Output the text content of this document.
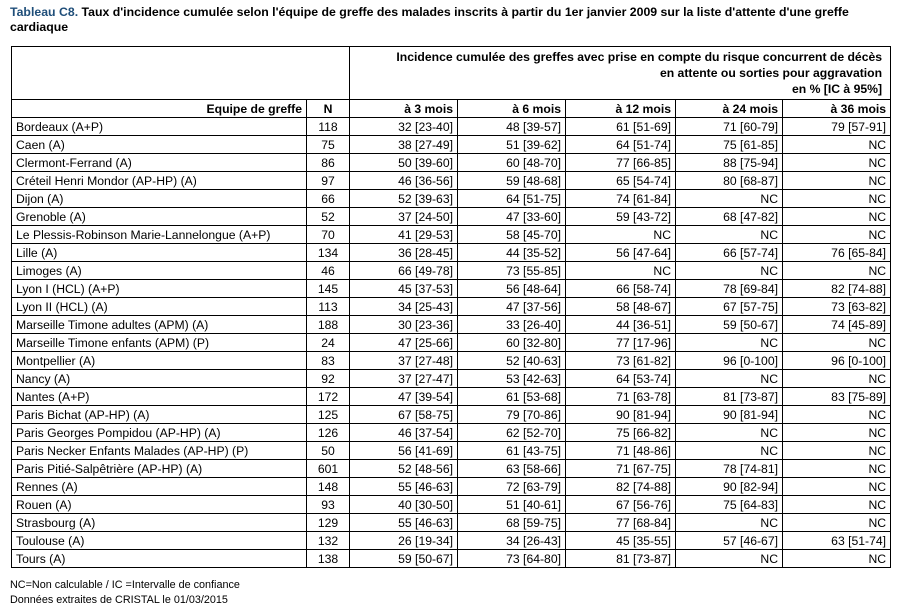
Tableau C8. Taux d'incidence cumulée selon l'équipe de greffe des malades inscrits à partir du 1er janvier 2009 sur la liste d'attente d'une greffe cardiaque

		Incidence cumulée des greffes avec prise en compte du risque concurrent de décès
en attente ou sorties pour aggravation
en % [IC à 95%]				

Equipe de greffe	N	à 3 mois	à 6 mois	à 12 mois	à 24 mois	à 36 mois
Bordeaux (A+P)	118	32 [23-40]	48 [39-57]	61 [51-69]	71 [60-79]	79 [57-91]
Caen (A)	75	38 [27-49]	51 [39-62]	64 [51-74]	75 [61-85]	NC
Clermont-Ferrand (A)	86	50 [39-60]	60 [48-70]	77 [66-85]	88 [75-94]	NC
Créteil Henri Mondor (AP-HP) (A)	97	46 [36-56]	59 [48-68]	65 [54-74]	80 [68-87]	NC
Dijon (A)	66	52 [39-63]	64 [51-75]	74 [61-84]	NC	NC
Grenoble (A)	52	37 [24-50]	47 [33-60]	59 [43-72]	68 [47-82]	NC
Le Plessis-Robinson Marie-Lannelongue (A+P)	70	41 [29-53]	58 [45-70]	NC	NC	NC
Lille (A)	134	36 [28-45]	44 [35-52]	56 [47-64]	66 [57-74]	76 [65-84]
Limoges (A)	46	66 [49-78]	73 [55-85]	NC	NC	NC
Lyon I (HCL) (A+P)	145	45 [37-53]	56 [48-64]	66 [58-74]	78 [69-84]	82 [74-88]
Lyon II (HCL) (A)	113	34 [25-43]	47 [37-56]	58 [48-67]	67 [57-75]	73 [63-82]
Marseille Timone adultes (APM) (A)	188	30 [23-36]	33 [26-40]	44 [36-51]	59 [50-67]	74 [45-89]
Marseille Timone enfants (APM) (P)	24	47 [25-66]	60 [32-80]	77 [17-96]	NC	NC
Montpellier (A)	83	37 [27-48]	52 [40-63]	73 [61-82]	96 [0-100]	96 [0-100]
Nancy (A)	92	37 [27-47]	53 [42-63]	64 [53-74]	NC	NC
Nantes (A+P)	172	47 [39-54]	61 [53-68]	71 [63-78]	81 [73-87]	83 [75-89]
Paris Bichat (AP-HP) (A)	125	67 [58-75]	79 [70-86]	90 [81-94]	90 [81-94]	NC
Paris Georges Pompidou (AP-HP) (A)	126	46 [37-54]	62 [52-70]	75 [66-82]	NC	NC
Paris Necker Enfants Malades (AP-HP) (P)	50	56 [41-69]	61 [43-75]	71 [48-86]	NC	NC
Paris Pitié-Salpêtrière (AP-HP) (A)	601	52 [48-56]	63 [58-66]	71 [67-75]	78 [74-81]	NC
Rennes (A)	148	55 [46-63]	72 [63-79]	82 [74-88]	90 [82-94]	NC
Rouen (A)	93	40 [30-50]	51 [40-61]	67 [56-76]	75 [64-83]	NC
Strasbourg (A)	129	55 [46-63]	68 [59-75]	77 [68-84]	NC	NC
Toulouse (A)	132	26 [19-34]	34 [26-43]	45 [35-55]	57 [46-67]	63 [51-74]
Tours (A)	138	59 [50-67]	73 [64-80]	81 [73-87]	NC	NC
NC=Non calculable / IC =Intervalle de confiance
Données extraites de CRISTAL le 01/03/2015
